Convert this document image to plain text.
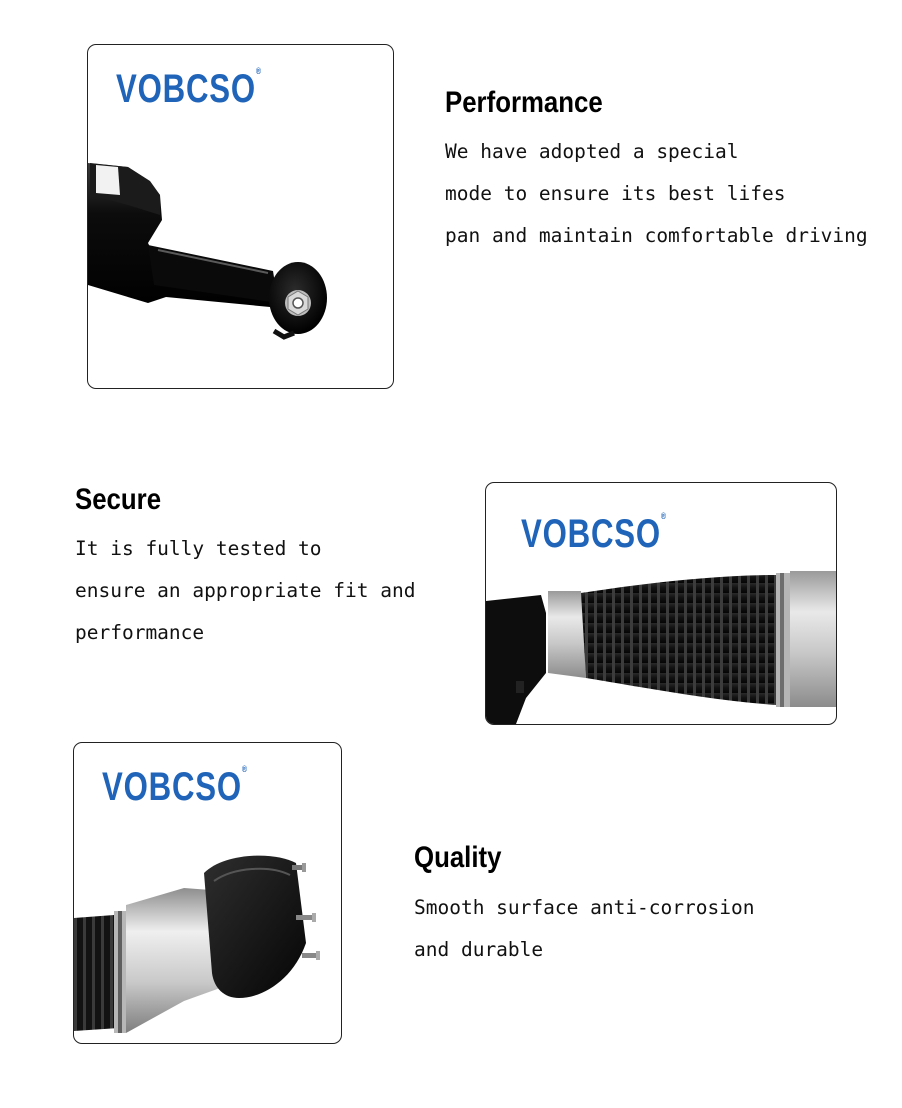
VOBCSO®
Performance
We have adopted a special
mode to ensure its best lifes
pan and maintain comfortable driving
Secure
It is fully tested to
ensure an appropriate fit and
performance
VOBCSO®
VOBCSO®
Quality
Smooth surface anti-corrosion
and durable
